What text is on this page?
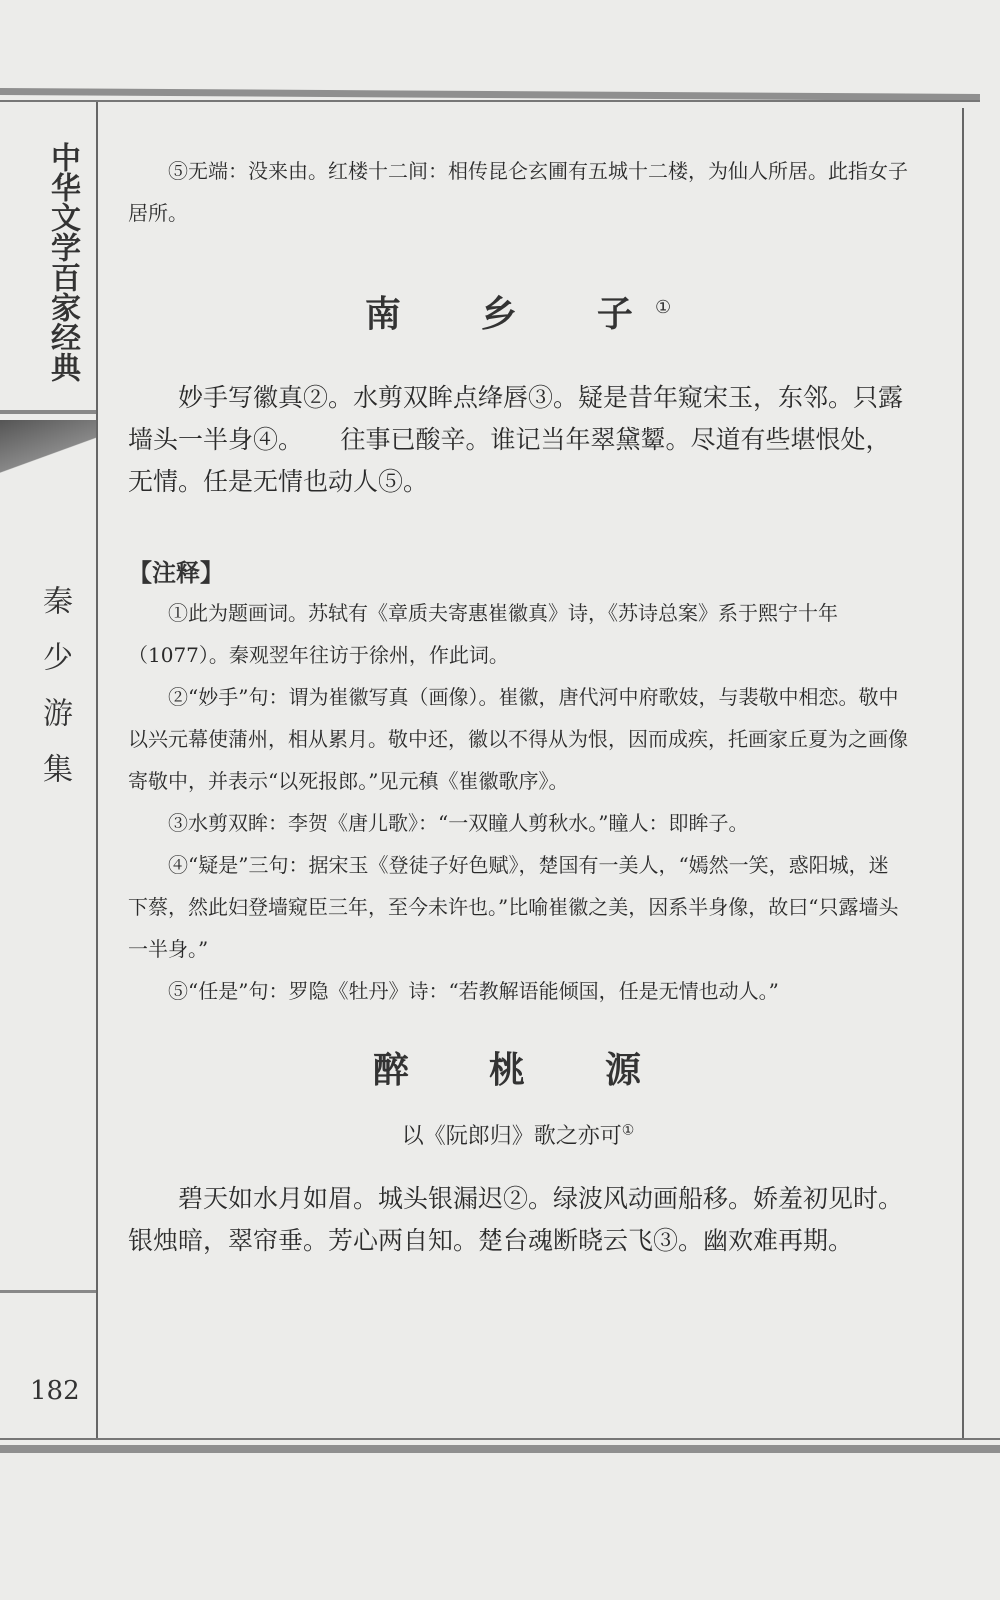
中华文学百家经典
秦少游集
182

⑤无端：没来由。红楼十二间：相传昆仑玄圃有五城十二楼，为仙人所居。此指女子居所。

南　乡　子①

妙手写徽真②。水剪双眸点绛唇③。疑是昔年窥宋玉，东邻。只露墙头一半身④。　　往事已酸辛。谁记当年翠黛颦。尽道有些堪恨处，无情。任是无情也动人⑤。

【注释】

①此为题画词。苏轼有《章质夫寄惠崔徽真》诗，《苏诗总案》系于熙宁十年（1077）。秦观翌年往访于徐州，作此词。

②“妙手”句：谓为崔徽写真（画像）。崔徽，唐代河中府歌妓，与裴敬中相恋。敬中以兴元幕使蒲州，相从累月。敬中还，徽以不得从为恨，因而成疾，托画家丘夏为之画像寄敬中，并表示“以死报郎。”见元稹《崔徽歌序》。

③水剪双眸：李贺《唐儿歌》：“一双瞳人剪秋水。”瞳人：即眸子。

④“疑是”三句：据宋玉《登徒子好色赋》，楚国有一美人，“嫣然一笑，惑阳城，迷下蔡，然此妇登墙窥臣三年，至今未许也。”比喻崔徽之美，因系半身像，故曰“只露墙头一半身。”

⑤“任是”句：罗隐《牡丹》诗：“若教解语能倾国，任是无情也动人。”

醉　桃　源

以《阮郎归》歌之亦可①

碧天如水月如眉。城头银漏迟②。绿波风动画船移。娇羞初见时。　　银烛暗，翠帘垂。芳心两自知。楚台魂断晓云飞③。幽欢难再期。
